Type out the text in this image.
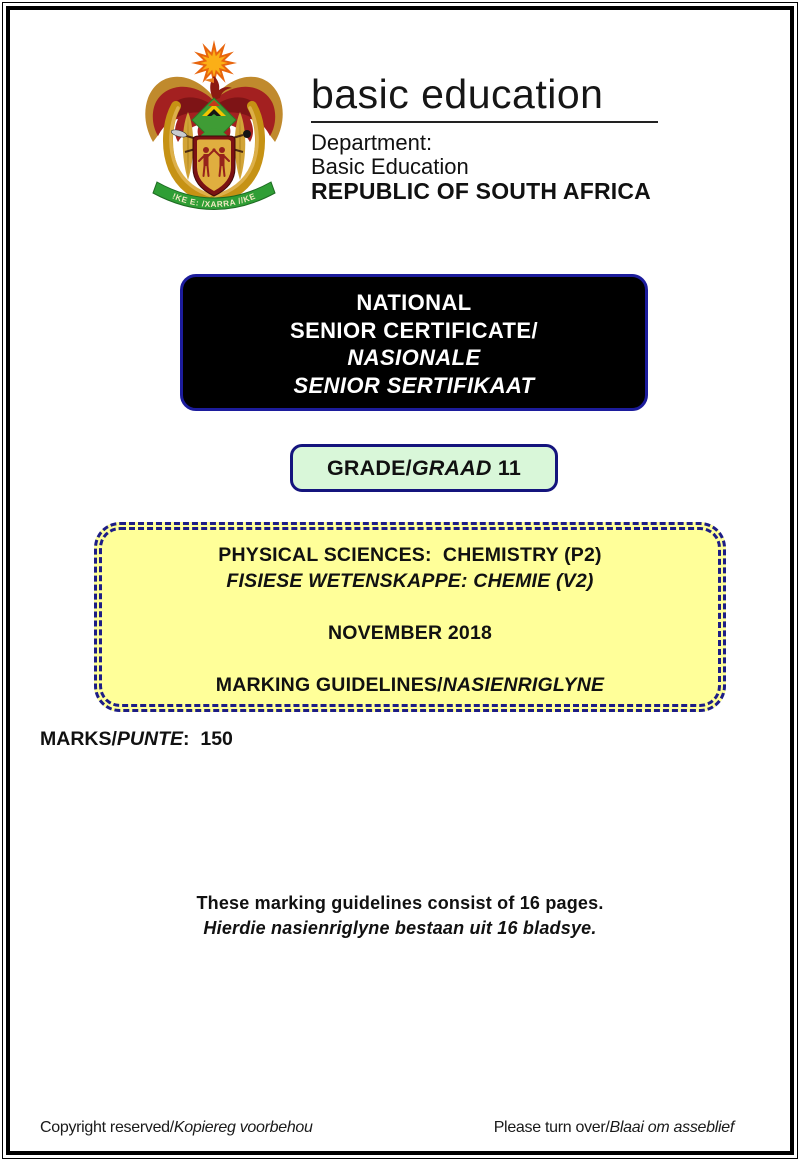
!KE E: /XARRA //KE
basic education
Department:
Basic Education
REPUBLIC OF SOUTH AFRICA
NATIONAL
SENIOR CERTIFICATE/
NASIONALE
SENIOR SERTIFIKAAT
GRADE/GRAAD 11
PHYSICAL SCIENCES:  CHEMISTRY (P2)
FISIESE WETENSKAPPE: CHEMIE (V2)
NOVEMBER 2018
MARKING GUIDELINES/NASIENRIGLYNE
MARKS/PUNTE:  150
These marking guidelines consist of 16 pages.
Hierdie nasienriglyne bestaan uit 16 bladsye.
Copyright reserved/Kopiereg voorbehou	Please turn over/Blaai om asseblief
